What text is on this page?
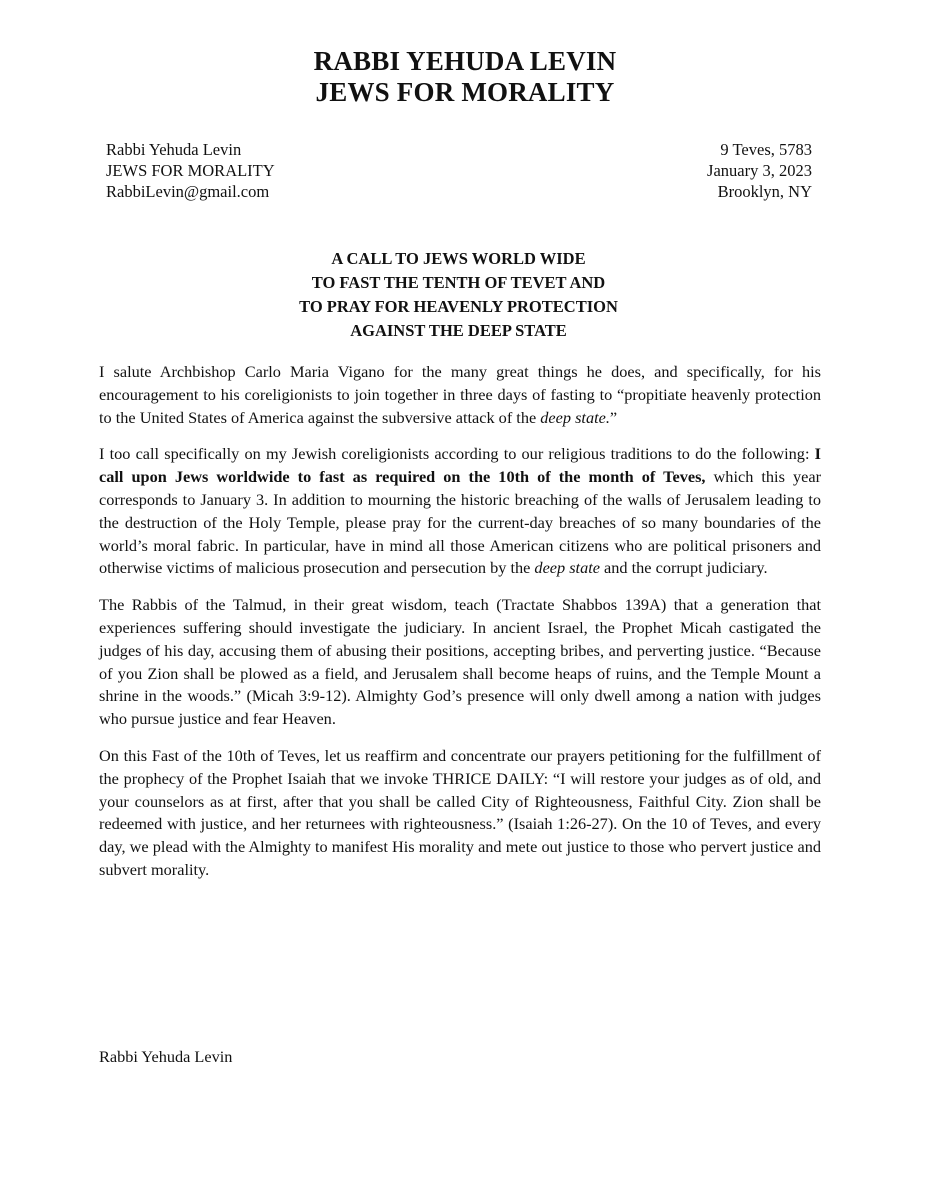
RABBI YEHUDA LEVIN
JEWS FOR MORALITY
Rabbi Yehuda Levin
JEWS FOR MORALITY
RabbiLevin@gmail.com
9 Teves, 5783
January 3, 2023
Brooklyn, NY
A CALL TO JEWS WORLD WIDE
TO FAST THE TENTH OF TEVET AND
TO PRAY FOR HEAVENLY PROTECTION
AGAINST THE DEEP STATE

I salute Archbishop Carlo Maria Vigano for the many great things he does, and specifically, for his encouragement to his coreligionists to join together in three days of fasting to “propitiate heavenly protection to the United States of America against the subversive attack of the deep state.”

I too call specifically on my Jewish coreligionists according to our religious traditions to do the following: I call upon Jews worldwide to fast as required on the 10th of the month of Teves, which this year corresponds to January 3. In addition to mourning the historic breaching of the walls of Jerusalem leading to the destruction of the Holy Temple, please pray for the current-day breaches of so many boundaries of the world’s moral fabric. In particular, have in mind all those American citizens who are political prisoners and otherwise victims of malicious prosecution and persecution by the deep state and the corrupt judiciary.

The Rabbis of the Talmud, in their great wisdom, teach (Tractate Shabbos 139A) that a generation that experiences suffering should investigate the judiciary. In ancient Israel, the Prophet Micah castigated the judges of his day, accusing them of abusing their positions, accepting bribes, and perverting justice. “Because of you Zion shall be plowed as a field, and Jerusalem shall become heaps of ruins, and the Temple Mount a shrine in the woods.” (Micah 3:9-12). Almighty God’s presence will only dwell among a nation with judges who pursue justice and fear Heaven.

On this Fast of the 10th of Teves, let us reaffirm and concentrate our prayers petitioning for the fulfillment of the prophecy of the Prophet Isaiah that we invoke THRICE DAILY: “I will restore your judges as of old, and your counselors as at first, after that you shall be called City of Righteousness, Faithful City. Zion shall be redeemed with justice, and her returnees with righteousness.” (Isaiah 1:26-27). On the 10 of Teves, and every day, we plead with the Almighty to manifest His morality and mete out justice to those who pervert justice and subvert morality.

Rabbi Yehuda Levin
